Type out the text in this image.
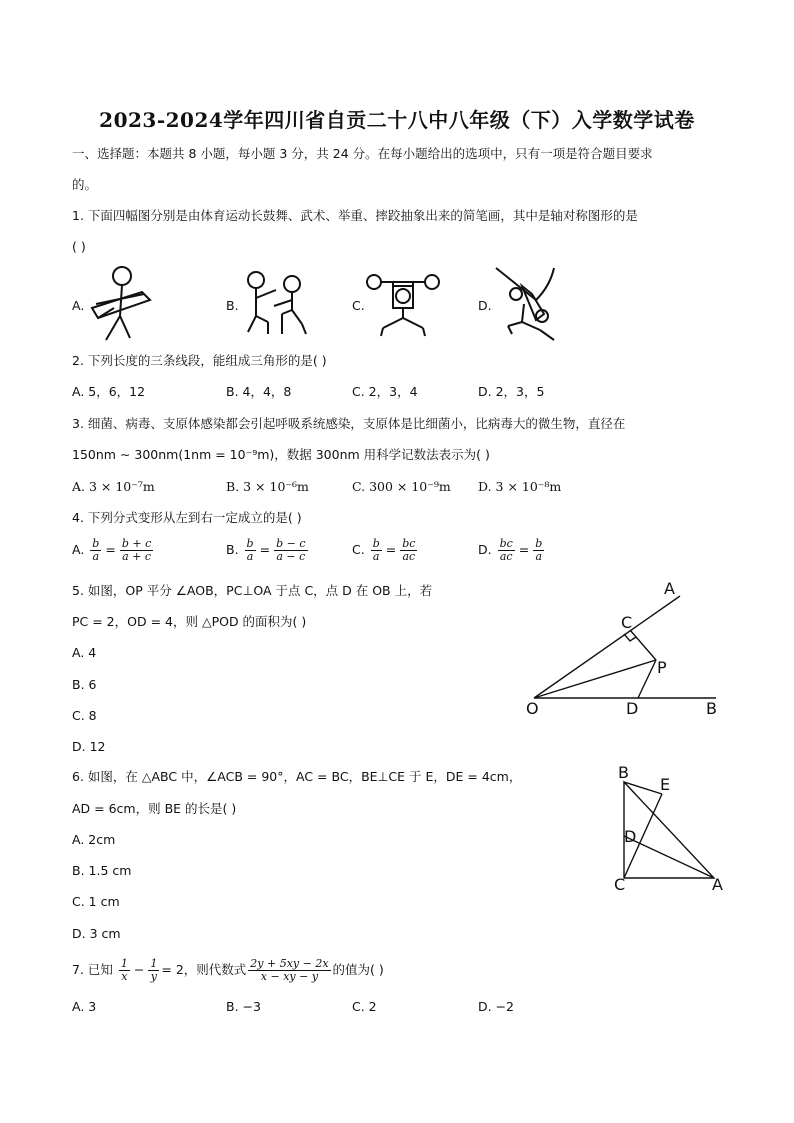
2023-2024学年四川省自贡二十八中八年级（下）入学数学试卷
一、选择题：本题共 8 小题，每小题 3 分，共 24 分。在每小题给出的选项中，只有一项是符合题目要求
的。
1. 下面四幅图分别是由体育运动长鼓舞、武术、举重、摔跤抽象出来的简笔画，其中是轴对称图形的是
( )
A.	B.	C.	D.
2. 下列长度的三条线段，能组成三角形的是( )
A. 5，6，12	B. 4，4，8	C. 2，3，4	D. 2，3，5
3. 细菌、病毒、支原体感染都会引起呼吸系统感染，支原体是比细菌小，比病毒大的微生物，直径在
150nm ∼ 300nm(1nm = 10⁻⁹m)，数据 300nm 用科学记数法表示为( )
A. 3 × 10⁻⁷m	B. 3 × 10⁻⁶m	C. 300 × 10⁻⁹m D. 3 × 10⁻⁸m
4. 下列分式变形从左到右一定成立的是( )
A. $\frac{b}{a} = \frac{b + c}{a + c}$	B. $\frac{b}{a} = \frac{b - c}{a - c}$	C. $\frac{b}{a} = \frac{bc}{ac}$	D. $\frac{bc}{ac} = \frac{b}{a}$
5. 如图，OP 平分 ∠AOB，PC⊥OA 于点 C，点 D 在 OB 上，若
PC = 2，OD = 4，则 △POD 的面积为( )
A. 4
B. 6
C. 8
D. 12
A
B
C
D
O
P
6. 如图，在 △ABC 中，∠ACB = 90°，AC = BC，BE⊥CE 于 E，DE = 4cm，
AD = 6cm，则 BE 的长是( )
A. 2cm
B. 1.5 cm
C. 1 cm
D. 3 cm
B
E
D
C	A
7. 已知 $\frac{1}{x} - \frac{1}{y} = 2$，则代数式 $\frac{2y + 5xy - 2x}{x - xy - y}$ 的值为( )
A. 3	B. −3	C. 2	D. −2
